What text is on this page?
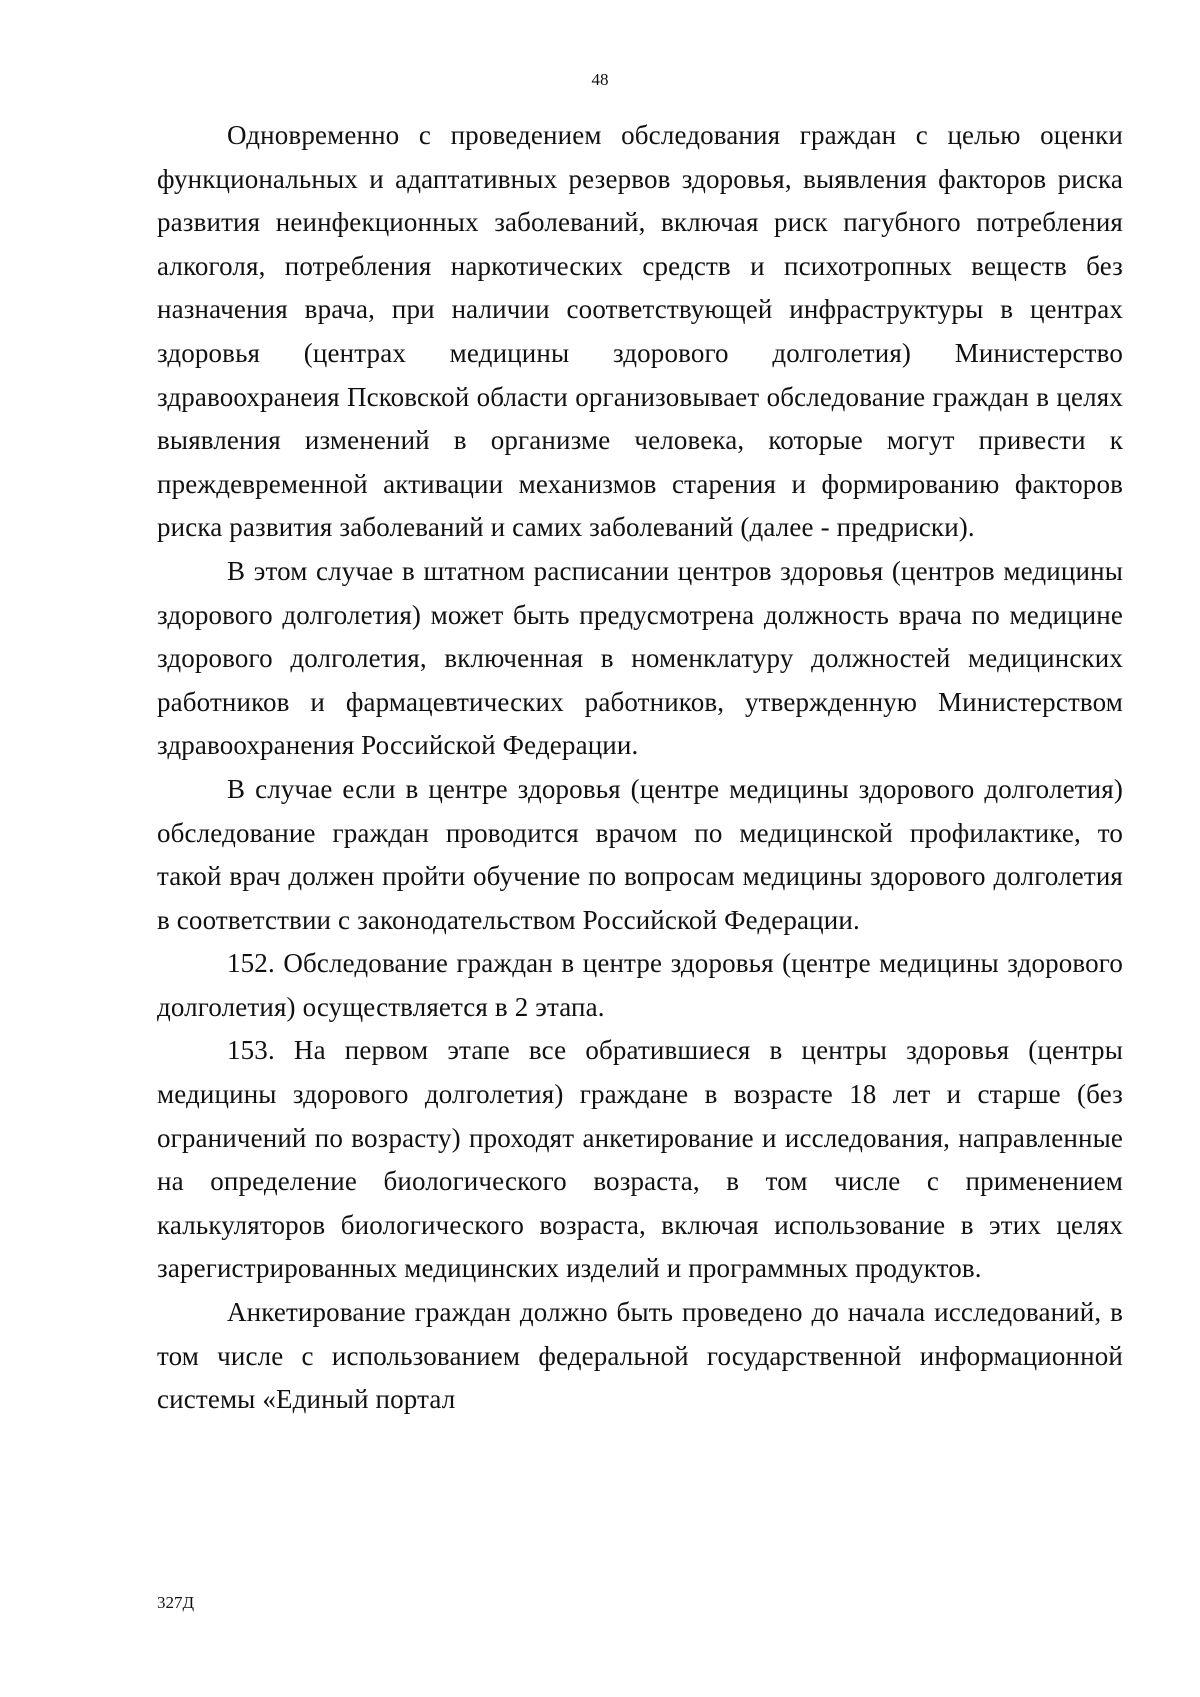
48

Одновременно с проведением обследования граждан с целью оценки функциональных и адаптативных резервов здоровья, выявления факторов риска развития неинфекционных заболеваний, включая риск пагубного потребления алкоголя, потребления наркотических средств и психотропных веществ без назначения врача, при наличии соответствующей инфраструктуры в центрах здоровья (центрах медицины здорового долголетия) Министерство здравоохранеия Псковской области организовывает обследование граждан в целях выявления изменений в организме человека, которые могут привести к преждевременной активации механизмов старения и формированию факторов риска развития заболеваний и самих заболеваний (далее - предриски).

В этом случае в штатном расписании центров здоровья (центров медицины здорового долголетия) может быть предусмотрена должность врача по медицине здорового долголетия, включенная в номенклатуру должностей медицинских работников и фармацевтических работников, утвержденную Министерством здравоохранения Российской Федерации.

В случае если в центре здоровья (центре медицины здорового долголетия) обследование граждан проводится врачом по медицинской профилактике, то такой врач должен пройти обучение по вопросам медицины здорового долголетия в соответствии с законодательством Российской Федерации.

152. Обследование граждан в центре здоровья (центре медицины здорового долголетия) осуществляется в 2 этапа.

153. На первом этапе все обратившиеся в центры здоровья (центры медицины здорового долголетия) граждане в возрасте 18 лет и старше (без ограничений по возрасту) проходят анкетирование и исследования, направленные на определение биологического возраста, в том числе с применением калькуляторов биологического возраста, включая использование в этих целях зарегистрированных медицинских изделий и программных продуктов.

Анкетирование граждан должно быть проведено до начала исследований, в том числе с использованием федеральной государственной информационной системы «Единый портал

327Д
